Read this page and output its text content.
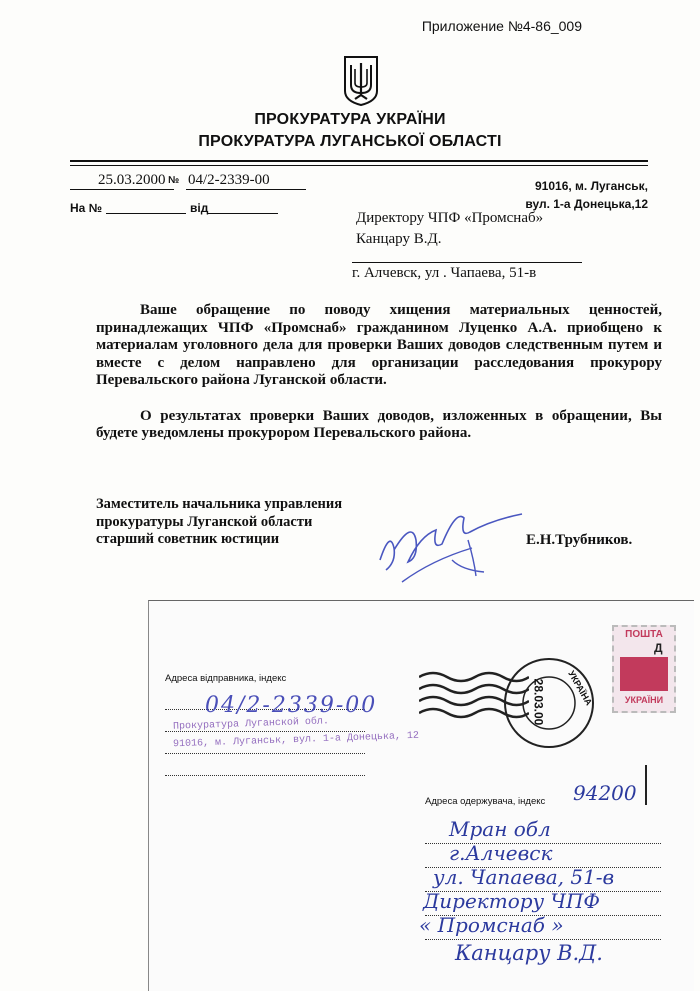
Приложение №4-86_009
ПРОКУРАТУРА УКРАЇНИ
ПРОКУРАТУРА ЛУГАНСЬКОЇ ОБЛАСТІ
25.03.2000 № 04/2-2339-00
На №	від
91016, м. Луганськ,
вул. 1-а Донецька,12
Директору ЧПФ «Промснаб»
Канцару В.Д.
г. Алчевск, ул . Чапаева, 51-в

Ваше обращение по поводу хищения материальных ценностей, принадлежащих ЧПФ «Промснаб» гражданином Луценко А.А. приобщено к материалам уголовного дела для проверки Ваших доводов следственным путем и вместе с делом направлено для организации расследования прокурору Перевальского района Луганской области.

О результатах проверки Ваших доводов, изложенных в обращении, Вы будете уведомлены прокурором Перевальского района.

Заместитель начальника управления
прокуратуры Луганской области
старший советник юстиции	Е.Н.Трубников.
Адреса відправника, індекс
04/2-2339-00
Прокуратура Луганской обл.
91016, м. Луганськ, вул. 1-а Донецька, 12
28.03.00 УКРАЇНА
ПОШТА
Д
УКРАЇНИ
Адреса одержувача, індекс 94200
Мран обл
г.Алчевск
ул. Чапаева, 51-в
Директору ЧПФ
« Промснаб »
Канцару В.Д.
